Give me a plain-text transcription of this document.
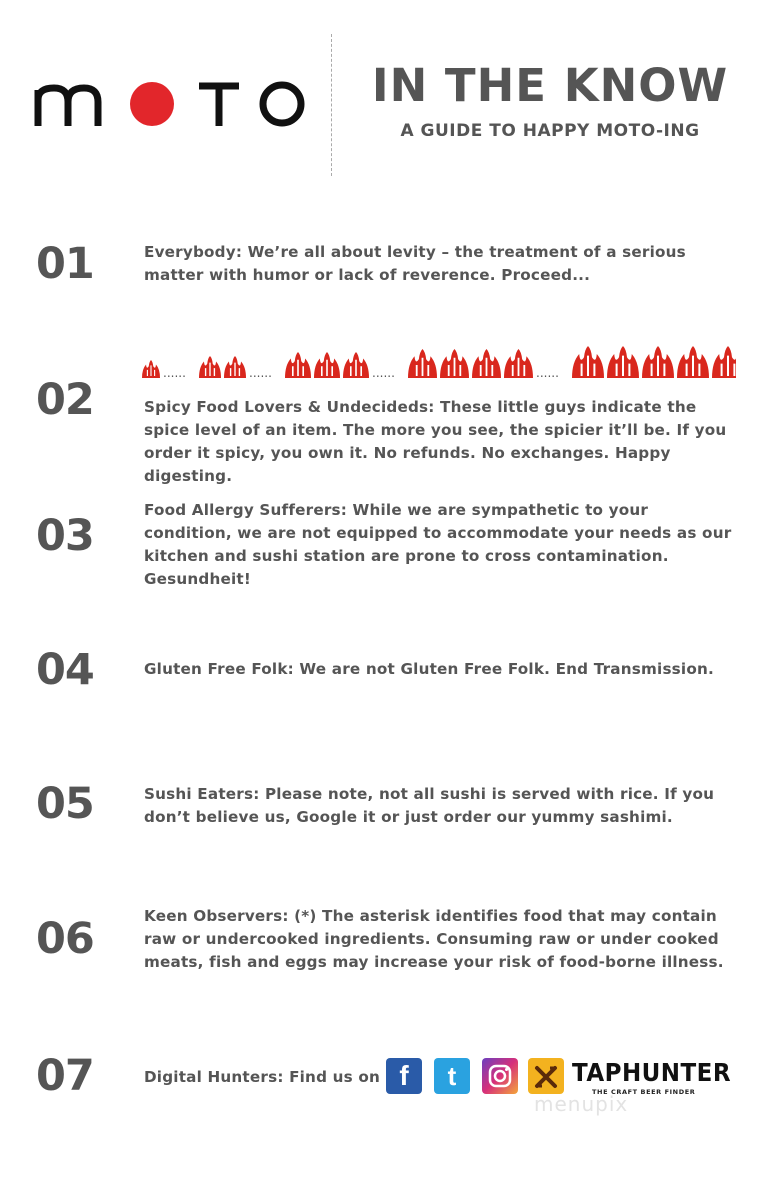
IN THE KNOW
A GUIDE TO HAPPY MOTO-ING
01	Everybody: We’re all about levity – the treatment of a serious matter with humor or lack of reverence. Proceed...
......	......	......	......
02	Spicy Food Lovers & Undecideds: These little guys indicate the spice level of an item. The more you see, the spicier it’ll be. If you order it spicy, you own it. No refunds. No exchanges. Happy digesting.
03
Food Allergy Sufferers: While we are sympathetic to your condition, we are not equipped to accommodate your needs as our kitchen and sushi station are prone to cross contamination. Gesundheit!
04	Gluten Free Folk: We are not Gluten Free Folk. End Transmission.
05	Sushi Eaters: Please note, not all sushi is served with rice. If you don’t believe us, Google it or just order our yummy sashimi.
06	Keen Observers: (*) The asterisk identifies food that may contain raw or undercooked ingredients. Consuming raw or under cooked meats, fish and eggs may increase your risk of food-borne illness.
07	Digital Hunters: Find us on f	t	TAPHUNTER
THE CRAFT BEER FINDER
menupix
